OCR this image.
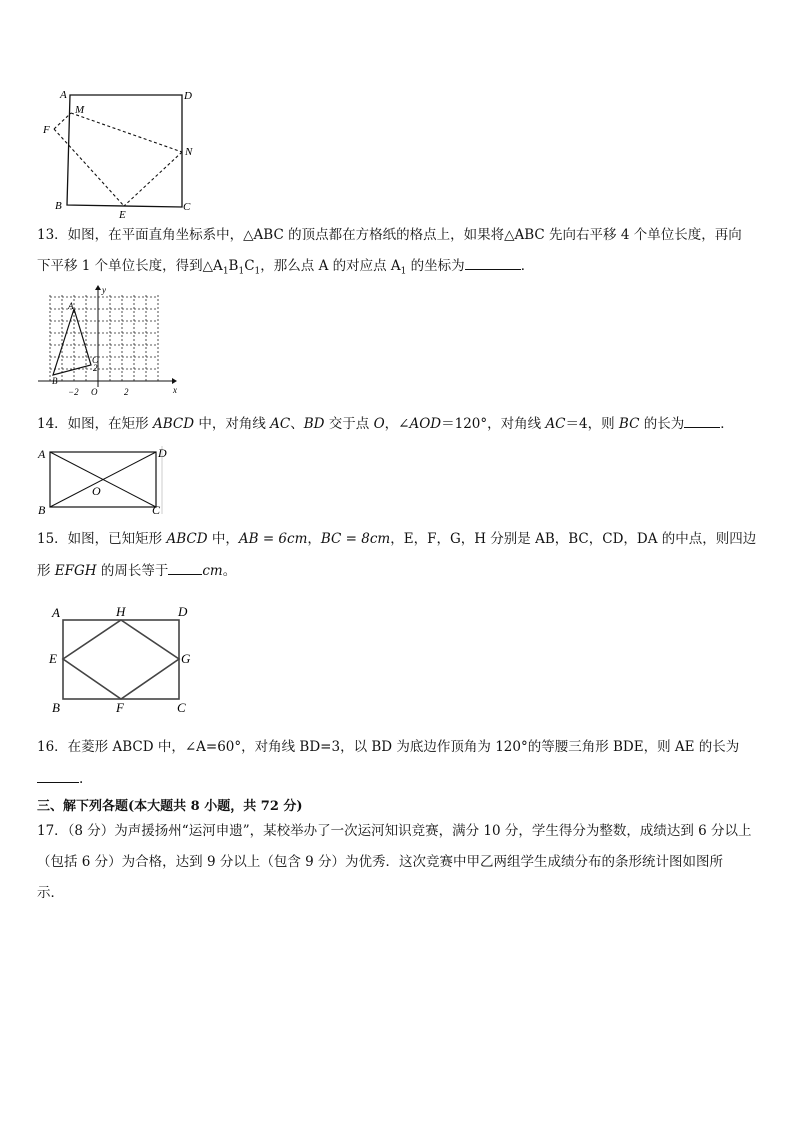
A	D
M
F
N
B
E
C
13．如图，在平面直角坐标系中，△ABC 的顶点都在方格纸的格点上，如果将△ABC 先向右平移 4 个单位长度，再向
下平移 1 个单位长度，得到$\triangle A_1B_1C_1$，那么点 A 的对应点 $A_1$ 的坐标为	．
y
x
O
−2	2
2
A
B
C
14．如图，在矩形 ABCD 中，对角线 AC、BD 交于点 O，∠AOD＝120°，对角线 AC＝4，则 BC 的长为	．
A	D
O
B	C
15．如图，已知矩形 ABCD 中，AB = 6cm，BC = 8cm，E，F，G，H 分别是 AB，BC，CD，DA 的中点，则四边
形 EFGH 的周长等于	cm。
A	H	D
E	G
B	F	C
16．在菱形 ABCD 中，∠A=60°，对角线 BD=3，以 BD 为底边作顶角为 120°的等腰三角形 BDE，则 AE 的长为
.
三、解下列各题(本大题共 8 小题，共 72 分)
17．（8 分）为声援扬州“运河申遗”，某校举办了一次运河知识竞赛，满分 10 分，学生得分为整数，成绩达到 6 分以上
（包括 6 分）为合格，达到 9 分以上（包含 9 分）为优秀．这次竞赛中甲乙两组学生成绩分布的条形统计图如图所
示．
